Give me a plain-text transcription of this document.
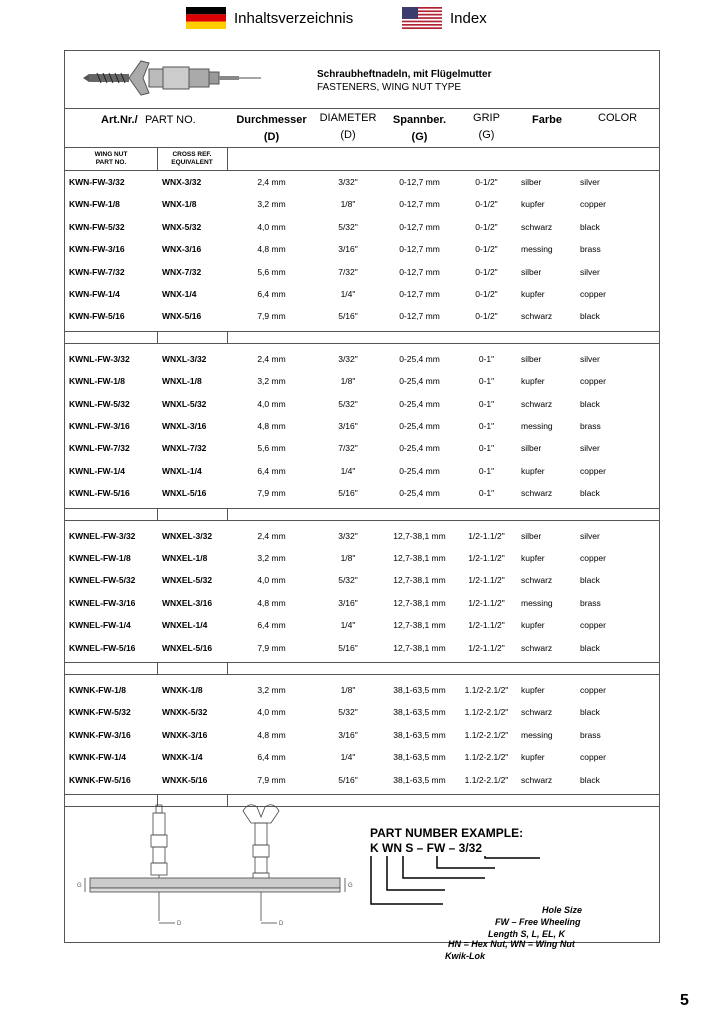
Inhaltsverzeichnis	Index
Schraubheftnadeln, mit Flügelmutter
FASTENERS, WING NUT TYPE
Art.Nr./ PART NO.	Durchmesser
(D)
DIAMETER
(D)
Spannber.
(G)
GRIP
(G)
Farbe	COLOR
WING NUT
PART NO.
CROSS REF.
EQUIVALENT
KWN-FW-3/32	WNX-3/32	2,4 mm	3/32"	0-12,7 mm	0-1/2"	silber	silver
KWN-FW-1/8	WNX-1/8	3,2 mm	1/8"	0-12,7 mm	0-1/2"	kupfer	copper
KWN-FW-5/32	WNX-5/32	4,0 mm	5/32"	0-12,7 mm	0-1/2"	schwarz	black
KWN-FW-3/16	WNX-3/16	4,8 mm	3/16"	0-12,7 mm	0-1/2"	messing	brass
KWN-FW-7/32	WNX-7/32	5,6 mm	7/32"	0-12,7 mm	0-1/2"	silber	silver
KWN-FW-1/4	WNX-1/4	6,4 mm	1/4"	0-12,7 mm	0-1/2"	kupfer	copper
KWN-FW-5/16	WNX-5/16	7,9 mm	5/16"	0-12,7 mm	0-1/2"	schwarz	black
KWNL-FW-3/32	WNXL-3/32	2,4 mm	3/32"	0-25,4 mm	0-1"	silber	silver
KWNL-FW-1/8	WNXL-1/8	3,2 mm	1/8"	0-25,4 mm	0-1"	kupfer	copper
KWNL-FW-5/32	WNXL-5/32	4,0 mm	5/32"	0-25,4 mm	0-1"	schwarz	black
KWNL-FW-3/16	WNXL-3/16	4,8 mm	3/16"	0-25,4 mm	0-1"	messing	brass
KWNL-FW-7/32	WNXL-7/32	5,6 mm	7/32"	0-25,4 mm	0-1"	silber	silver
KWNL-FW-1/4	WNXL-1/4	6,4 mm	1/4"	0-25,4 mm	0-1"	kupfer	copper
KWNL-FW-5/16	WNXL-5/16	7,9 mm	5/16"	0-25,4 mm	0-1"	schwarz	black
KWNEL-FW-3/32	WNXEL-3/32	2,4 mm	3/32"	12,7-38,1 mm	1/2-1.1/2"	silber	silver
KWNEL-FW-1/8	WNXEL-1/8	3,2 mm	1/8"	12,7-38,1 mm	1/2-1.1/2"	kupfer	copper
KWNEL-FW-5/32	WNXEL-5/32	4,0 mm	5/32"	12,7-38,1 mm	1/2-1.1/2"	schwarz	black
KWNEL-FW-3/16	WNXEL-3/16	4,8 mm	3/16"	12,7-38,1 mm	1/2-1.1/2"	messing	brass
KWNEL-FW-1/4	WNXEL-1/4	6,4 mm	1/4"	12,7-38,1 mm	1/2-1.1/2"	kupfer	copper
KWNEL-FW-5/16	WNXEL-5/16	7,9 mm	5/16"	12,7-38,1 mm	1/2-1.1/2"	schwarz	black
KWNK-FW-1/8	WNXK-1/8	3,2 mm	1/8"	38,1-63,5 mm	1.1/2-2.1/2"	kupfer	copper
KWNK-FW-5/32	WNXK-5/32	4,0 mm	5/32"	38,1-63,5 mm	1.1/2-2.1/2"	schwarz	black
KWNK-FW-3/16	WNXK-3/16	4,8 mm	3/16"	38,1-63,5 mm	1.1/2-2.1/2"	messing	brass
KWNK-FW-1/4	WNXK-1/4	6,4 mm	1/4"	38,1-63,5 mm	1.1/2-2.1/2"	kupfer	copper
KWNK-FW-5/16	WNXK-5/16	7,9 mm	5/16"	38,1-63,5 mm	1.1/2-2.1/2"	schwarz	black
G	G
D	D
PART NUMBER EXAMPLE:
K WN S – FW – 3/32
Hole Size
FW – Free Wheeling
Length S, L, EL, K
HN = Hex Nut, WN = Wing Nut
Kwik-Lok
5
